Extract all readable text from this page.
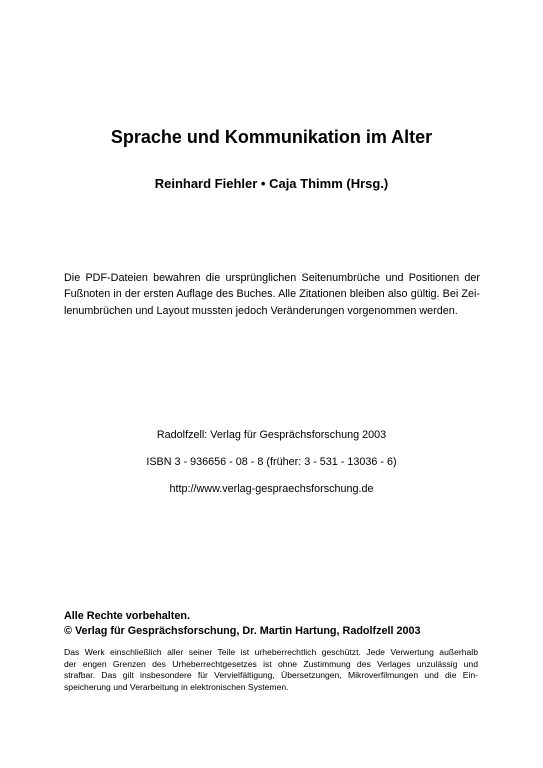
Sprache und Kommunikation im Alter
Reinhard Fiehler • Caja Thimm (Hrsg.)
Die PDF-Dateien bewahren die ursprünglichen Seitenumbrüche und Positionen der
Fußnoten in der ersten Auflage des Buches. Alle Zitationen bleiben also gültig. Bei Zei-
lenumbrüchen und Layout mussten jedoch Veränderungen vorgenommen werden.
Radolfzell: Verlag für Gesprächsforschung 2003
ISBN 3 - 936656 - 08 - 8 (früher: 3 - 531 - 13036 - 6)
http://www.verlag-gespraechsforschung.de
Alle Rechte vorbehalten.
© Verlag für Gesprächsforschung, Dr. Martin Hartung, Radolfzell 2003
Das Werk einschließlich aller seiner Teile ist urheberrechtlich geschützt. Jede Verwertung außerhalb
der engen Grenzen des Urheberrechtgesetzes ist ohne Zustimmung des Verlages unzulässig und
strafbar. Das gilt insbesondere für Vervielfältigung, Übersetzungen, Mikroverfilmungen und die Ein-
speicherung und Verarbeitung in elektronischen Systemen.
